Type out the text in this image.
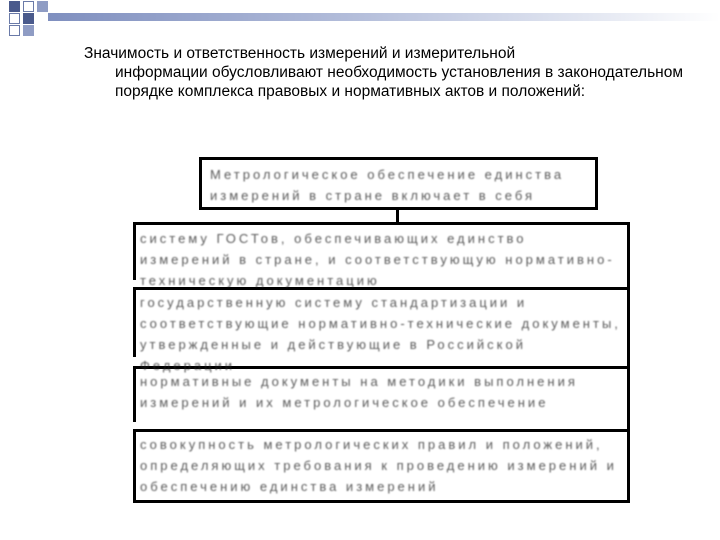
Значимость и ответственность измерений и измерительной
информации обусловливают необходимость установления в законодательном порядке комплекса правовых и нормативных актов и положений:

Метрологическое обеспечение единства измерений в стране включает в себя

систему ГОСТов, обеспечивающих единство измерений в стране, и соответствующую нормативно-техническую документацию

государственную систему стандартизации и соответствующие нормативно-технические документы, утвержденные и действующие в Российской Федерации

нормативные документы на методики выполнения измерений и их метрологическое обеспечение

совокупность метрологических правил и положений, определяющих требования к проведению измерений и обеспечению единства измерений
